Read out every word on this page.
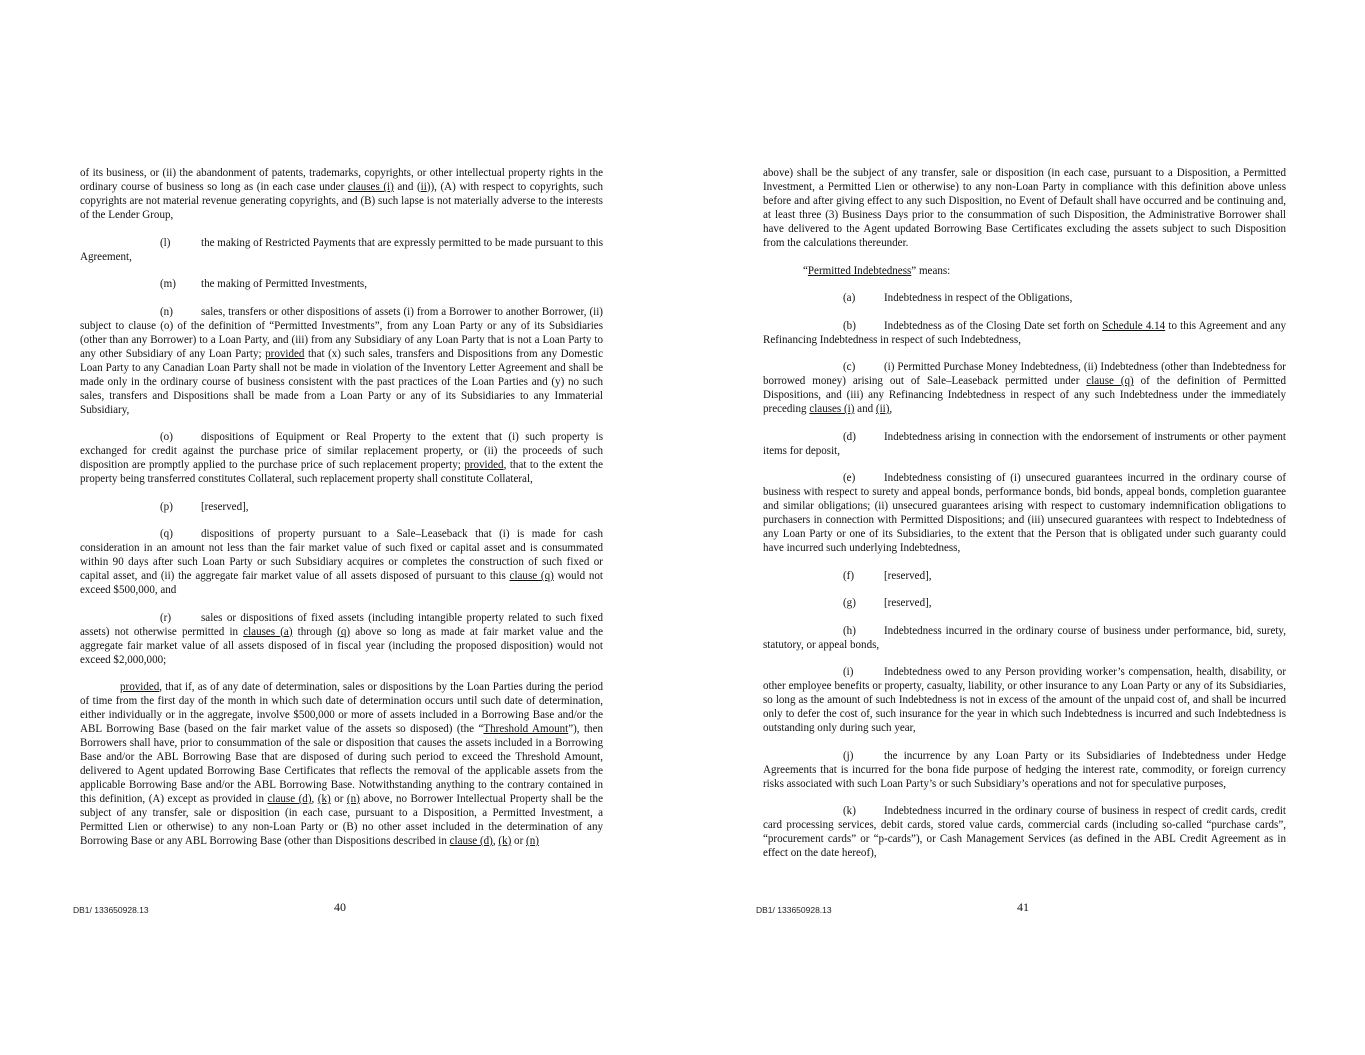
of its business, or (ii) the abandonment of patents, trademarks, copyrights, or other intellectual property rights in the ordinary course of business so long as (in each case under clauses (i) and (ii)), (A) with respect to copyrights, such copyrights are not material revenue generating copyrights, and (B) such lapse is not materially adverse to the interests of the Lender Group,

(l)	the making of Restricted Payments that are expressly permitted to be made pursuant to this Agreement,

(m) the making of Permitted Investments,

(n)	sales, transfers or other dispositions of assets (i) from a Borrower to another Borrower, (ii) subject to clause (o) of the definition of “Permitted Investments”, from any Loan Party or any of its Subsidiaries (other than any Borrower) to a Loan Party, and (iii) from any Subsidiary of any Loan Party that is not a Loan Party to any other Subsidiary of any Loan Party; provided that (x) such sales, transfers and Dispositions from any Domestic Loan Party to any Canadian Loan Party shall not be made in violation of the Inventory Letter Agreement and shall be made only in the ordinary course of business consistent with the past practices of the Loan Parties and (y) no such sales, transfers and Dispositions shall be made from a Loan Party or any of its Subsidiaries to any Immaterial Subsidiary,

(o)	dispositions of Equipment or Real Property to the extent that (i) such property is exchanged for credit against the purchase price of similar replacement property, or (ii) the proceeds of such disposition are promptly applied to the purchase price of such replacement property; provided, that to the extent the property being transferred constitutes Collateral, such replacement property shall constitute Collateral,

(p)	[reserved],

(q)	dispositions of property pursuant to a Sale–Leaseback that (i) is made for cash consideration in an amount not less than the fair market value of such fixed or capital asset and is consummated within 90 days after such Loan Party or such Subsidiary acquires or completes the construction of such fixed or capital asset, and (ii) the aggregate fair market value of all assets disposed of pursuant to this clause (q) would not exceed $500,000, and

(r)	sales or dispositions of fixed assets (including intangible property related to such fixed assets) not otherwise permitted in clauses (a) through (q) above so long as made at fair market value and the aggregate fair market value of all assets disposed of in fiscal year (including the proposed disposition) would not exceed $2,000,000;

provided, that if, as of any date of determination, sales or dispositions by the Loan Parties during the period of time from the first day of the month in which such date of determination occurs until such date of determination, either individually or in the aggregate, involve $500,000 or more of assets included in a Borrowing Base and/or the ABL Borrowing Base (based on the fair market value of the assets so disposed) (the “Threshold Amount”), then Borrowers shall have, prior to consummation of the sale or disposition that causes the assets included in a Borrowing Base and/or the ABL Borrowing Base that are disposed of during such period to exceed the Threshold Amount, delivered to Agent updated Borrowing Base Certificates that reflects the removal of the applicable assets from the applicable Borrowing Base and/or the ABL Borrowing Base. Notwithstanding anything to the contrary contained in this definition, (A) except as provided in clause (d), (k) or (n) above, no Borrower Intellectual Property shall be the subject of any transfer, sale or disposition (in each case, pursuant to a Disposition, a Permitted Investment, a Permitted Lien or otherwise) to any non-Loan Party or (B) no other asset included in the determination of any Borrowing Base or any ABL Borrowing Base (other than Dispositions described in clause (d), (k) or (n)

DB1/ 133650928.13	40

above) shall be the subject of any transfer, sale or disposition (in each case, pursuant to a Disposition, a Permitted Investment, a Permitted Lien or otherwise) to any non-Loan Party in compliance with this definition above unless before and after giving effect to any such Disposition, no Event of Default shall have occurred and be continuing and, at least three (3) Business Days prior to the consummation of such Disposition, the Administrative Borrower shall have delivered to the Agent updated Borrowing Base Certificates excluding the assets subject to such Disposition from the calculations thereunder.

“Permitted Indebtedness” means:

(a)	Indebtedness in respect of the Obligations,

(b)	Indebtedness as of the Closing Date set forth on Schedule 4.14 to this Agreement and any Refinancing Indebtedness in respect of such Indebtedness,

(c)	(i) Permitted Purchase Money Indebtedness, (ii) Indebtedness (other than Indebtedness for borrowed money) arising out of Sale–Leaseback permitted under clause (q) of the definition of Permitted Dispositions, and (iii) any Refinancing Indebtedness in respect of any such Indebtedness under the immediately preceding clauses (i) and (ii),

(d)	Indebtedness arising in connection with the endorsement of instruments or other payment items for deposit,

(e)	Indebtedness consisting of (i) unsecured guarantees incurred in the ordinary course of business with respect to surety and appeal bonds, performance bonds, bid bonds, appeal bonds, completion guarantee and similar obligations; (ii) unsecured guarantees arising with respect to customary indemnification obligations to purchasers in connection with Permitted Dispositions; and (iii) unsecured guarantees with respect to Indebtedness of any Loan Party or one of its Subsidiaries, to the extent that the Person that is obligated under such guaranty could have incurred such underlying Indebtedness,

(f)	[reserved],

(g)	[reserved],

(h)	Indebtedness incurred in the ordinary course of business under performance, bid, surety, statutory, or appeal bonds,

(i)	Indebtedness owed to any Person providing worker’s compensation, health, disability, or other employee benefits or property, casualty, liability, or other insurance to any Loan Party or any of its Subsidiaries, so long as the amount of such Indebtedness is not in excess of the amount of the unpaid cost of, and shall be incurred only to defer the cost of, such insurance for the year in which such Indebtedness is incurred and such Indebtedness is outstanding only during such year,

(j)	the incurrence by any Loan Party or its Subsidiaries of Indebtedness under Hedge Agreements that is incurred for the bona fide purpose of hedging the interest rate, commodity, or foreign currency risks associated with such Loan Party’s or such Subsidiary’s operations and not for speculative purposes,

(k)	Indebtedness incurred in the ordinary course of business in respect of credit cards, credit card processing services, debit cards, stored value cards, commercial cards (including so-called “purchase cards”, “procurement cards” or “p-cards”), or Cash Management Services (as defined in the ABL Credit Agreement as in effect on the date hereof),

DB1/ 133650928.13	41
